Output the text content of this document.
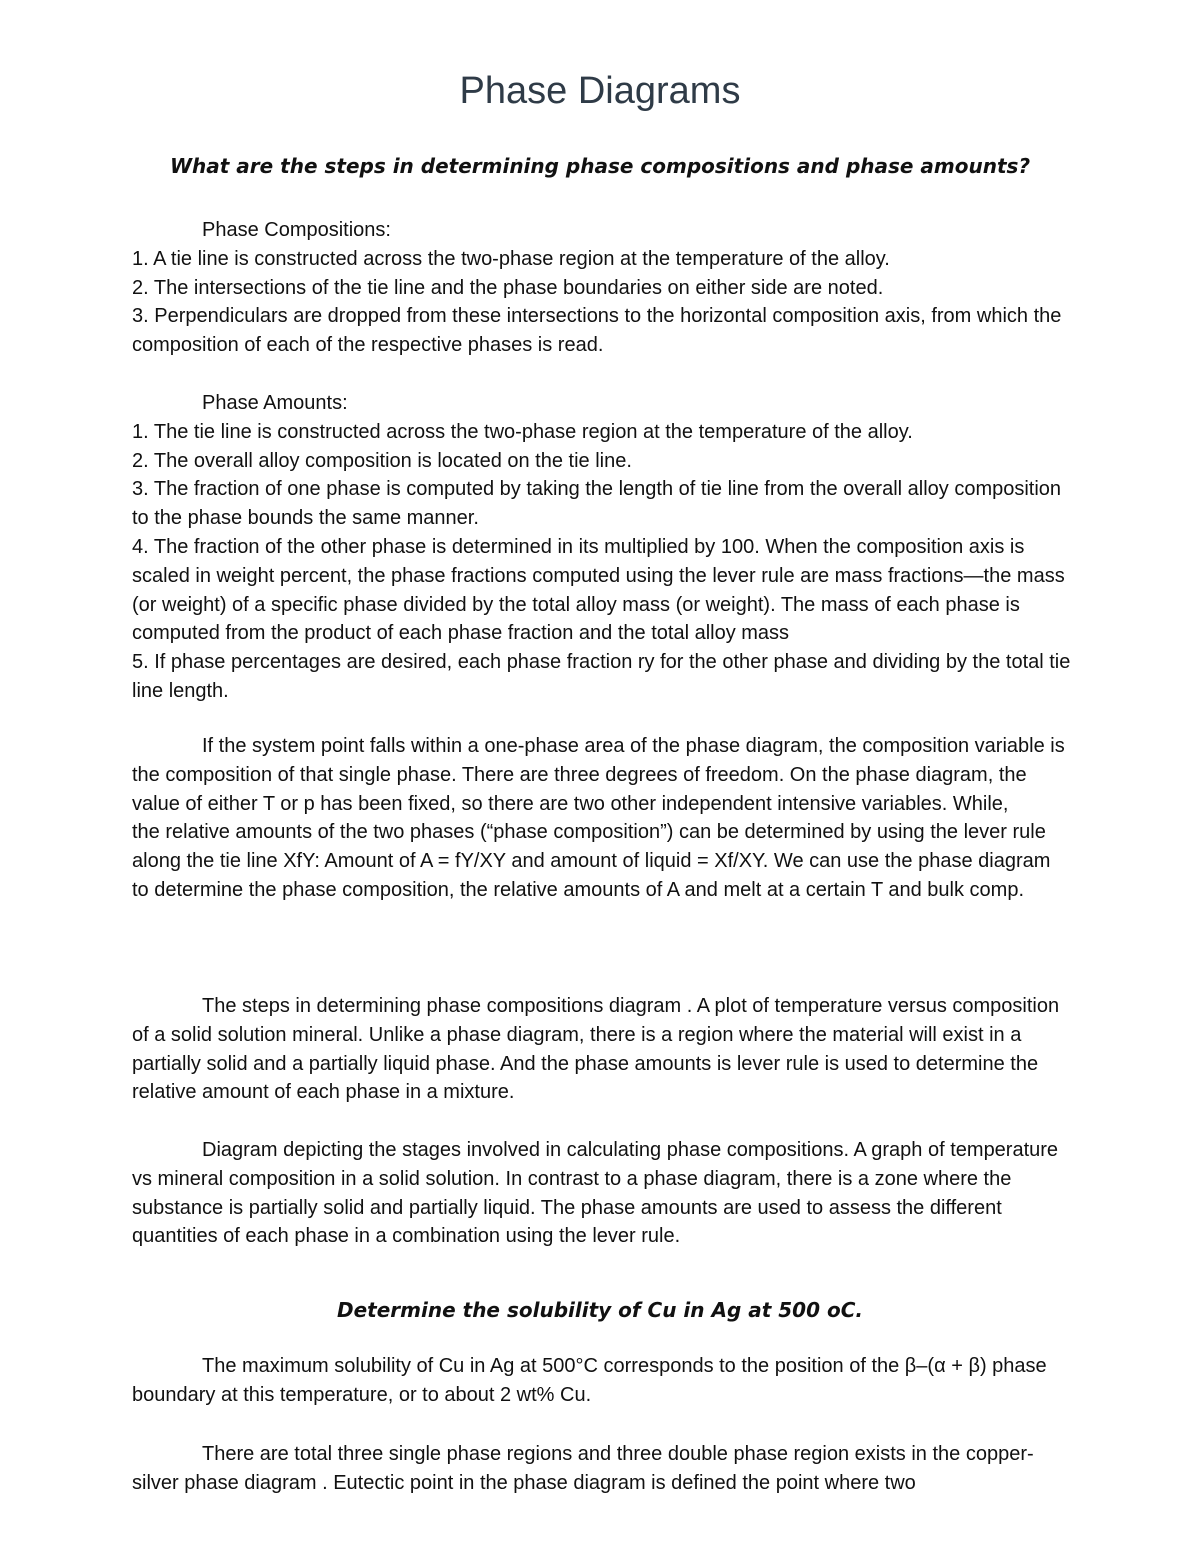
Phase Diagrams
What are the steps in determining phase compositions and phase amounts?
Phase Compositions:
1. A tie line is constructed across the two-phase region at the temperature of the alloy.
2. The intersections of the tie line and the phase boundaries on either side are noted.
3. Perpendiculars are dropped from these intersections to the horizontal composition axis, from which the composition of each of the respective phases is read.
Phase Amounts:
1. The tie line is constructed across the two-phase region at the temperature of the alloy.
2. The overall alloy composition is located on the tie line.
3. The fraction of one phase is computed by taking the length of tie line from the overall alloy composition to the phase bounds the same manner.
4. The fraction of the other phase is determined in its multiplied by 100. When the composition axis is scaled in weight percent, the phase fractions computed using the lever rule are mass fractions—the mass (or weight) of a specific phase divided by the total alloy mass (or weight). The mass of each phase is computed from the product of each phase fraction and the total alloy mass
5. If phase percentages are desired, each phase fraction ry for the other phase and dividing by the total tie line length.

If the system point falls within a one-phase area of the phase diagram, the composition variable is the composition of that single phase. There are three degrees of freedom. On the phase diagram, the value of either T or p has been fixed, so there are two other independent intensive variables. While,

the relative amounts of the two phases (“phase composition”) can be determined by using the lever rule along the tie line XfY: Amount of A = fY/XY and amount of liquid = Xf/XY. We can use the phase diagram to determine the phase composition, the relative amounts of A and melt at a certain T and bulk comp.

The steps in determining phase compositions diagram . A plot of temperature versus composition of a solid solution mineral. Unlike a phase diagram, there is a region where the material will exist in a partially solid and a partially liquid phase. And the phase amounts is lever rule is used to determine the relative amount of each phase in a mixture.

Diagram depicting the stages involved in calculating phase compositions. A graph of temperature vs mineral composition in a solid solution. In contrast to a phase diagram, there is a zone where the substance is partially solid and partially liquid. The phase amounts are used to assess the different quantities of each phase in a combination using the lever rule.

Determine the solubility of Cu in Ag at 500 oC.

The maximum solubility of Cu in Ag at 500°C corresponds to the position of the β–(α + β) phase boundary at this temperature, or to about 2 wt% Cu.

There are total three single phase regions and three double phase region exists in the copper- silver phase diagram . Eutectic point in the phase diagram is defined the point where two
